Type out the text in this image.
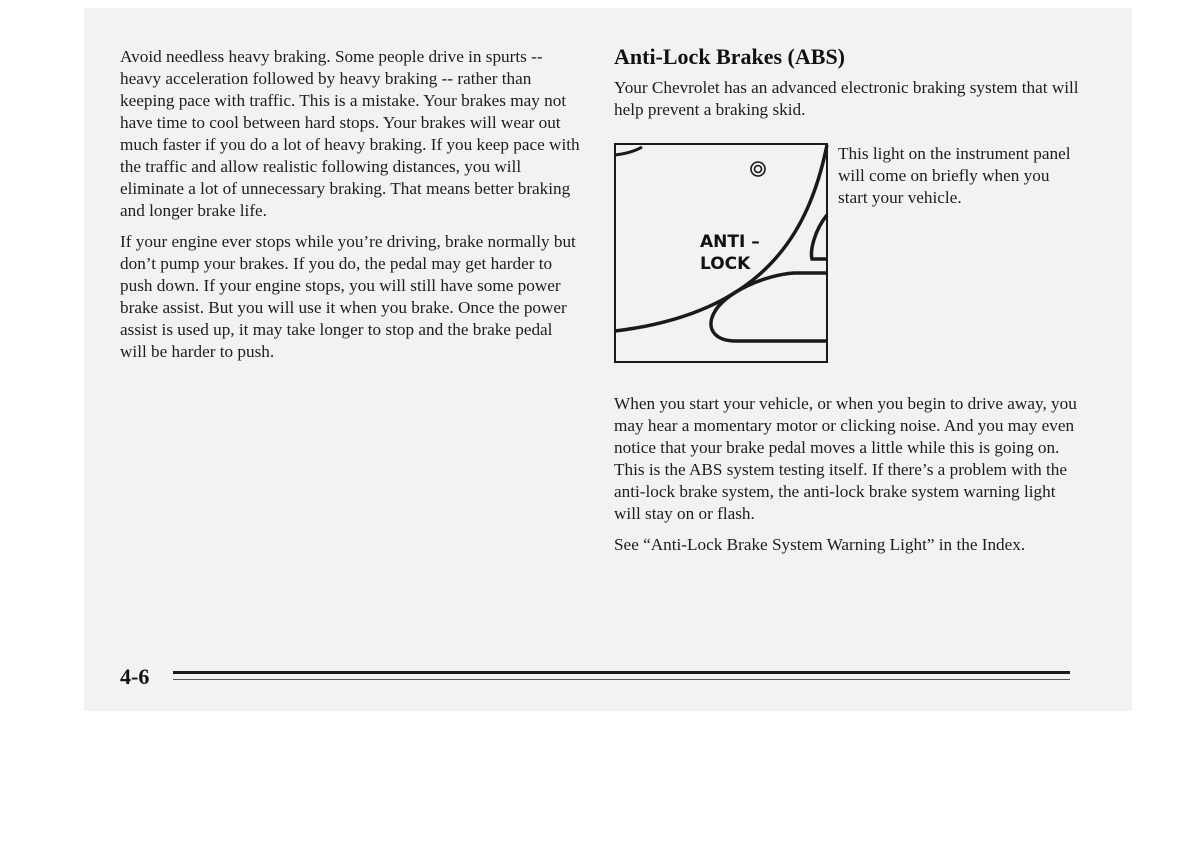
Avoid needless heavy braking. Some people drive in spurts -- heavy acceleration followed by heavy braking -- rather than keeping pace with traffic. This is a mistake. Your brakes may not have time to cool between hard stops. Your brakes will wear out much faster if you do a lot of heavy braking. If you keep pace with the traffic and allow realistic following distances, you will eliminate a lot of unnecessary braking. That means better braking and longer brake life.

If your engine ever stops while you’re driving, brake normally but don’t pump your brakes. If you do, the pedal may get harder to push down. If your engine stops, you will still have some power brake assist. But you will use it when you brake. Once the power assist is used up, it may take longer to stop and the brake pedal will be harder to push.

Anti-Lock Brakes (ABS)

Your Chevrolet has an advanced electronic braking system that will help prevent a braking skid.

ANTI –
LOCK

This light on the instrument panel will come on briefly when you start your vehicle.

When you start your vehicle, or when you begin to drive away, you may hear a momentary motor or clicking noise. And you may even notice that your brake pedal moves a little while this is going on. This is the ABS system testing itself. If there’s a problem with the anti-lock brake system, the anti-lock brake system warning light will stay on or flash.

See “Anti-Lock Brake System Warning Light” in the Index.

4-6
